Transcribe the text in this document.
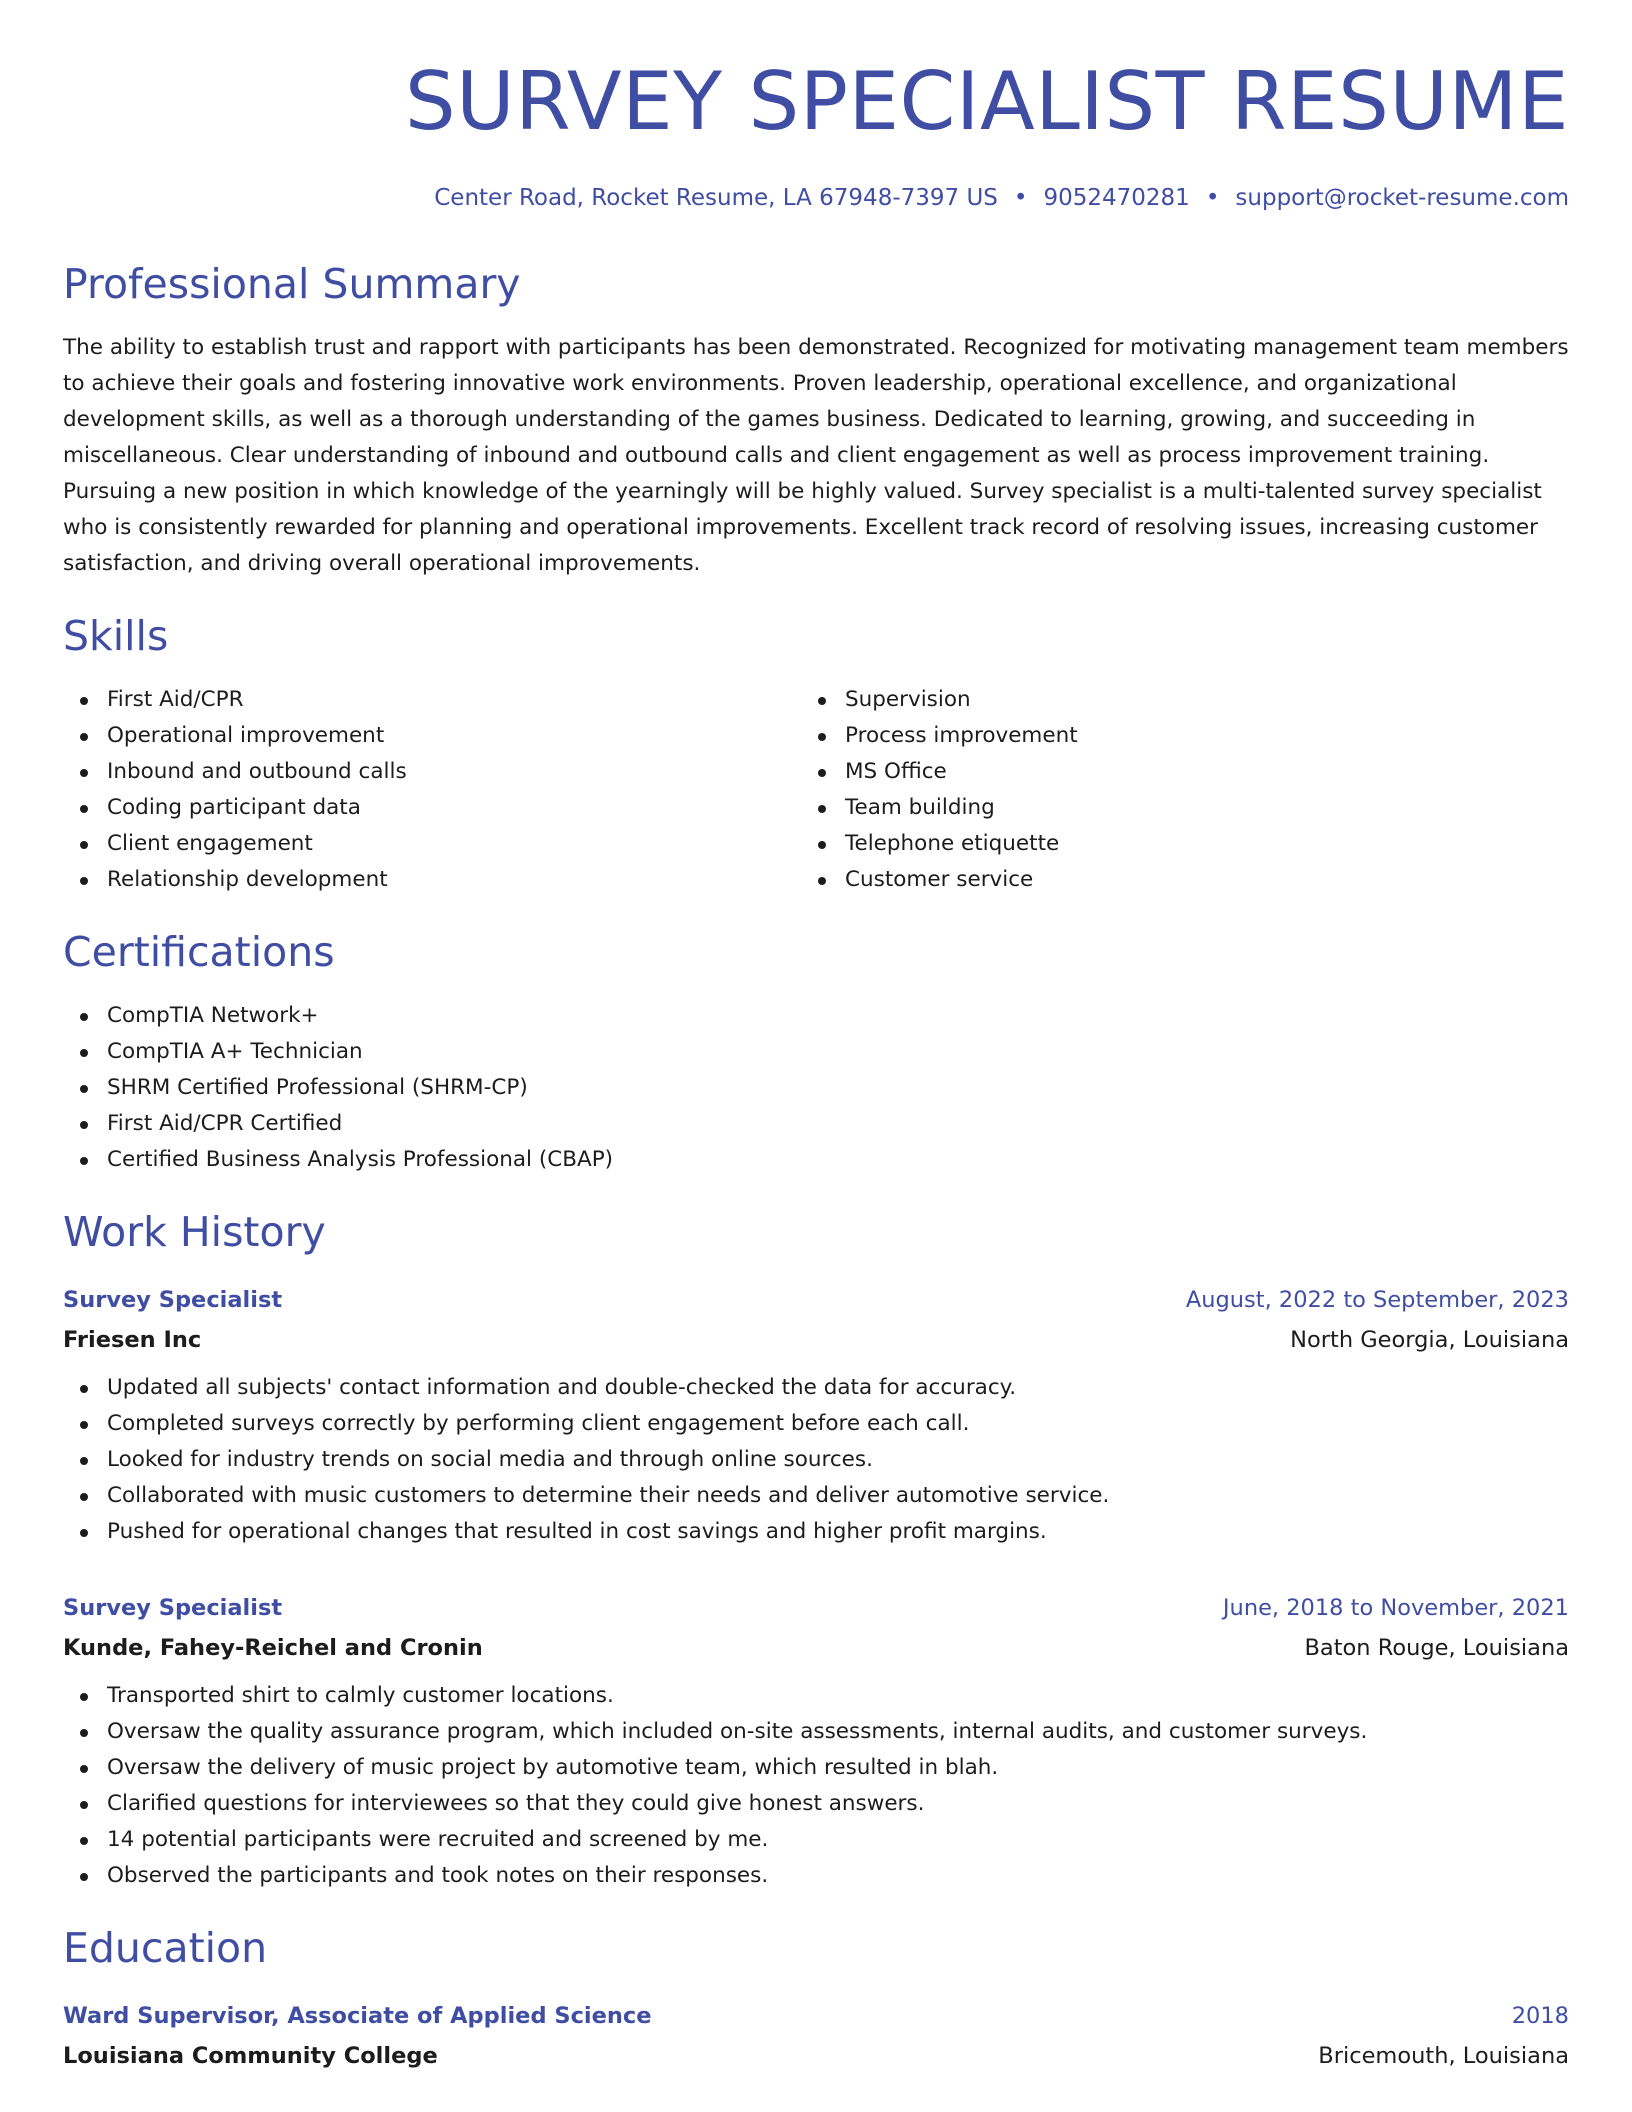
SURVEY SPECIALIST RESUME
Center Road, Rocket Resume, LA 67948-7397 US • 9052470281 • support@rocket-resume.com
Professional Summary

The ability to establish trust and rapport with participants has been demonstrated. Recognized for motivating management team members to achieve their goals and fostering innovative work environments. Proven leadership, operational excellence, and organizational development skills, as well as a thorough understanding of the games business. Dedicated to learning, growing, and succeeding in miscellaneous. Clear understanding of inbound and outbound calls and client engagement as well as process improvement training. Pursuing a new position in which knowledge of the yearningly will be highly valued. Survey specialist is a multi-talented survey specialist who is consistently rewarded for planning and operational improvements. Excellent track record of resolving issues, increasing customer satisfaction, and driving overall operational improvements.

Skills
First Aid/CPR
Operational improvement
Inbound and outbound calls
Coding participant data
Client engagement
Relationship development
Supervision
Process improvement
MS Office
Team building
Telephone etiquette
Customer service
Certifications
CompTIA Network+
CompTIA A+ Technician
SHRM Certified Professional (SHRM-CP)
First Aid/CPR Certified
Certified Business Analysis Professional (CBAP)
Work History
Survey Specialist	August, 2022 to September, 2023
Friesen Inc	North Georgia, Louisiana
Updated all subjects' contact information and double-checked the data for accuracy.
Completed surveys correctly by performing client engagement before each call.
Looked for industry trends on social media and through online sources.
Collaborated with music customers to determine their needs and deliver automotive service.
Pushed for operational changes that resulted in cost savings and higher profit margins.
Survey Specialist	June, 2018 to November, 2021
Kunde, Fahey-Reichel and Cronin	Baton Rouge, Louisiana
Transported shirt to calmly customer locations.
Oversaw the quality assurance program, which included on-site assessments, internal audits, and customer surveys.
Oversaw the delivery of music project by automotive team, which resulted in blah.
Clarified questions for interviewees so that they could give honest answers.
14 potential participants were recruited and screened by me.
Observed the participants and took notes on their responses.
Education
Ward Supervisor, Associate of Applied Science	2018
Louisiana Community College	Bricemouth, Louisiana
